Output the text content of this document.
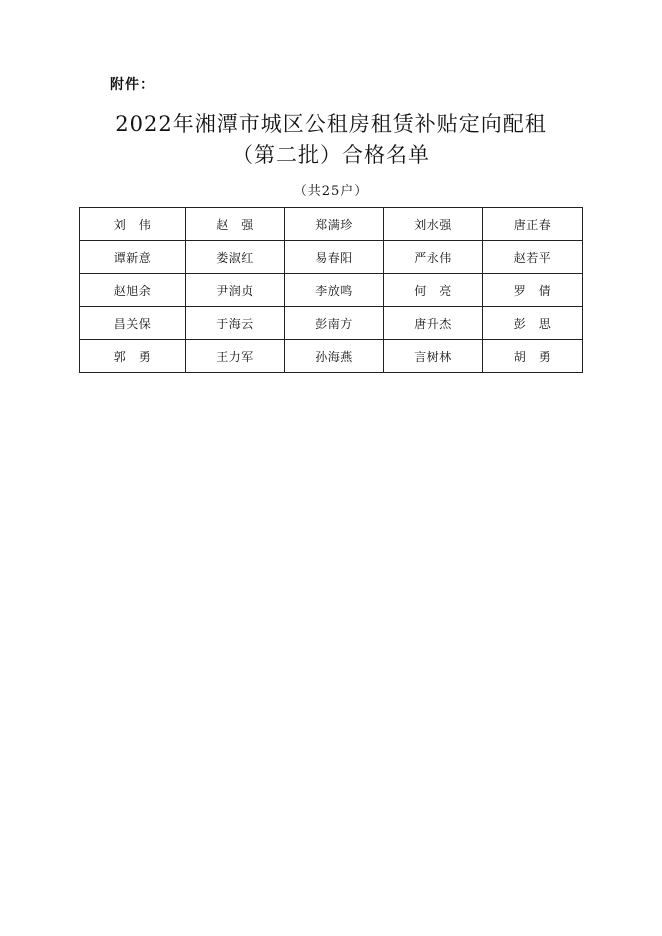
附件：
2022年湘潭市城区公租房租赁补贴定向配租
（第二批）合格名单
（共25户）
刘　伟	赵　强	郑满珍	刘水强	唐正春
谭新意	娄淑红	易春阳	严永伟	赵若平
赵旭余	尹润贞	李放鸣	何　亮	罗　倩
昌关保	于海云	彭南方	唐升杰	彭　思
郭　勇	王力军	孙海燕	言树林	胡　勇
